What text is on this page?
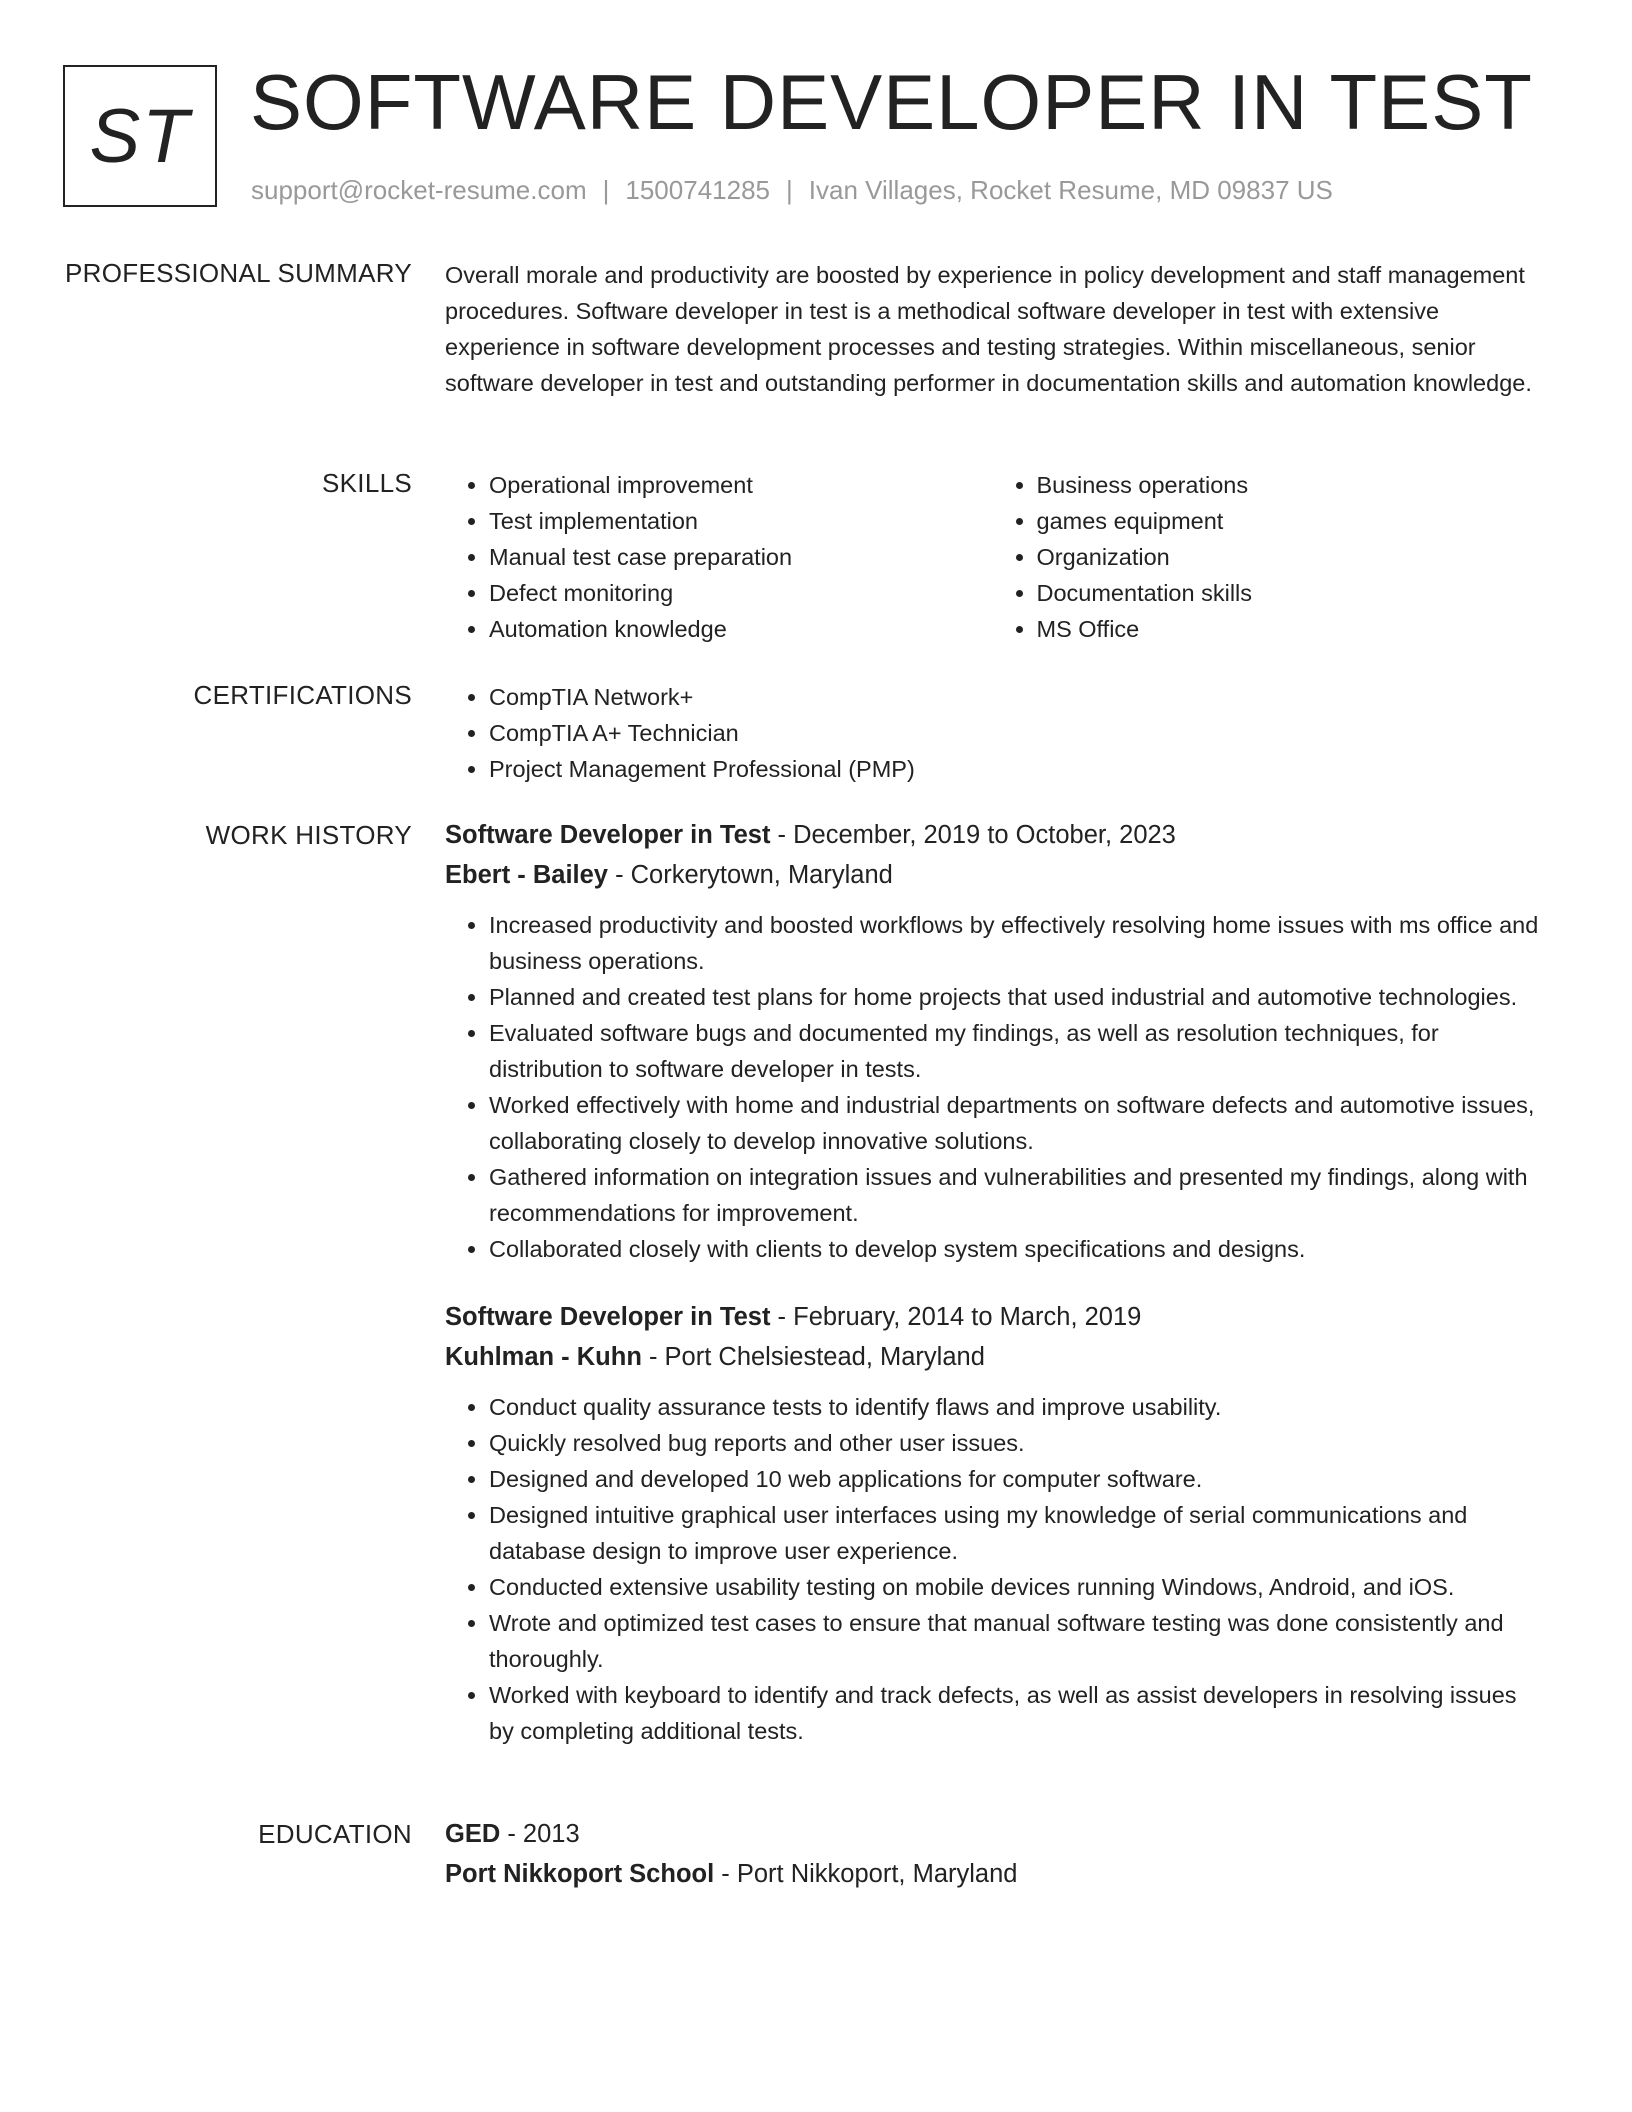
ST SOFTWARE DEVELOPER IN TEST
support@rocket-resume.com | 1500741285 | Ivan Villages, Rocket Resume, MD 09837 US
PROFESSIONAL SUMMARY Overall morale and productivity are boosted by experience in policy development and staff management procedures. Software developer in test is a methodical software developer in test with extensive experience in software development processes and testing strategies. Within miscellaneous, senior software developer in test and outstanding performer in documentation skills and automation knowledge.

SKILLS	• Operational improvement
• Test implementation
• Manual test case preparation
• Defect monitoring
• Automation knowledge
• Business operations
• games equipment
• Organization
• Documentation skills
• MS Office
CERTIFICATIONS	• CompTIA Network+
• CompTIA A+ Technician
• Project Management Professional (PMP)
WORK HISTORY Software Developer in Test - December, 2019 to October, 2023
Ebert - Bailey - Corkerytown, Maryland
• Increased productivity and boosted workflows by effectively resolving home issues with ms office and business operations.
• Planned and created test plans for home projects that used industrial and automotive technologies.
• Evaluated software bugs and documented my findings, as well as resolution techniques, for distribution to software developer in tests.
• Worked effectively with home and industrial departments on software defects and automotive issues, collaborating closely to develop innovative solutions.
• Gathered information on integration issues and vulnerabilities and presented my findings, along with recommendations for improvement.
• Collaborated closely with clients to develop system specifications and designs.
Software Developer in Test - February, 2014 to March, 2019
Kuhlman - Kuhn - Port Chelsiestead, Maryland
• Conduct quality assurance tests to identify flaws and improve usability.
• Quickly resolved bug reports and other user issues.
• Designed and developed 10 web applications for computer software.
• Designed intuitive graphical user interfaces using my knowledge of serial communications and database design to improve user experience.
• Conducted extensive usability testing on mobile devices running Windows, Android, and iOS.
• Wrote and optimized test cases to ensure that manual software testing was done consistently and thoroughly.
• Worked with keyboard to identify and track defects, as well as assist developers in resolving issues by completing additional tests.
EDUCATION GED - 2013
Port Nikkoport School - Port Nikkoport, Maryland
